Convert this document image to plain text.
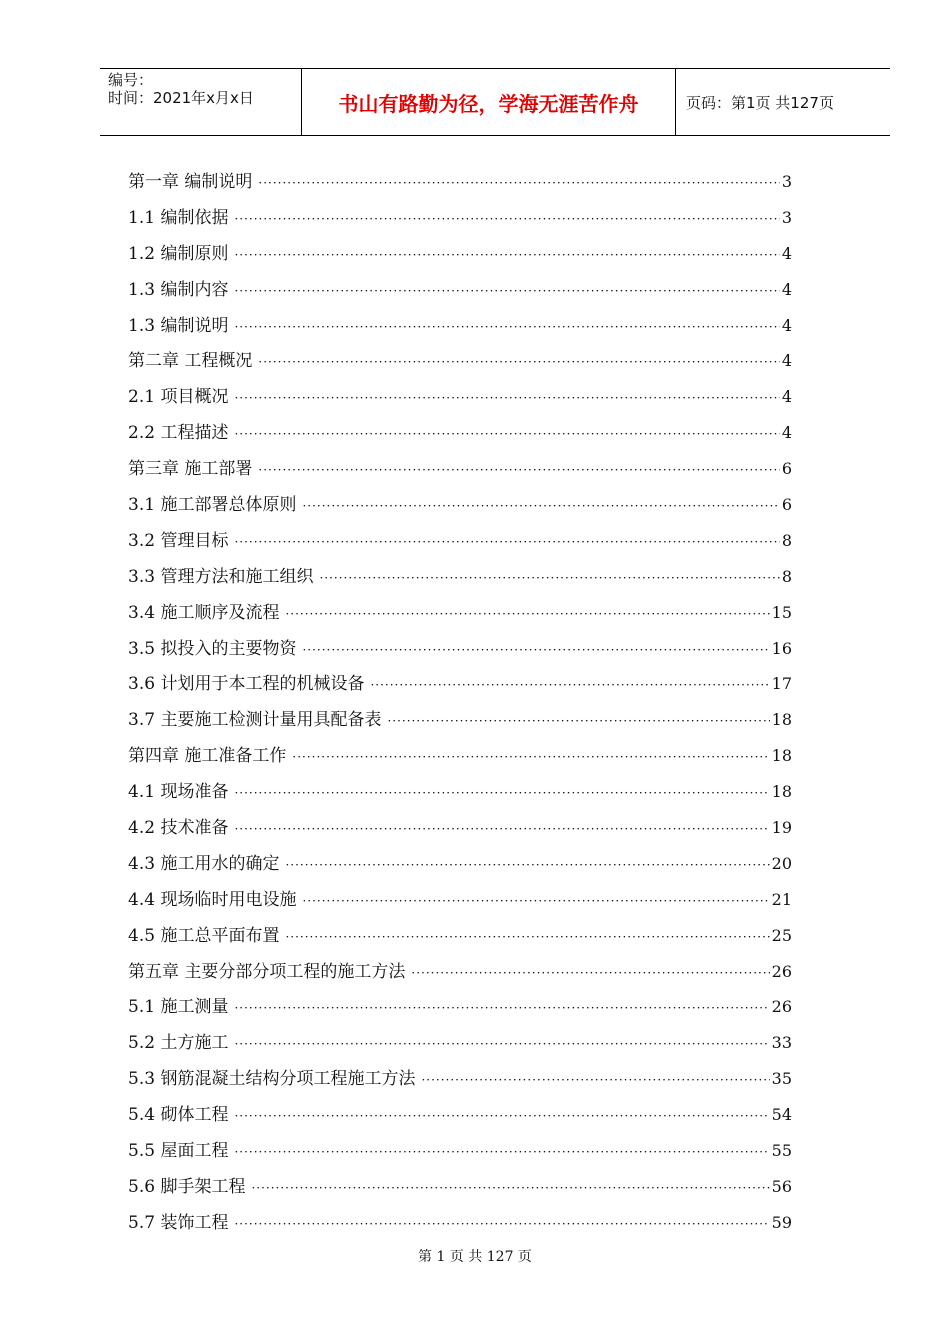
编号：
时间：2021年x月x日	书山有路勤为径，学海无涯苦作舟	页码：第1页 共127页
第一章 编制说明 ·····	3
1.1 编制依据 ·····	3
1.2 编制原则 ·····	4
1.3 编制内容 ·····	4
1.3 编制说明 ·····	4
第二章 工程概况 ·····	4
2.1 项目概况 ·····	4
2.2 工程描述 ·····	4
第三章 施工部署 ·····	6
3.1 施工部署总体原则 ·····	6
3.2 管理目标 ·····	8
3.3 管理方法和施工组织 ·····	8
3.4 施工顺序及流程 ·····	15
3.5 拟投入的主要物资 ·····	16
3.6 计划用于本工程的机械设备 ·····	17
3.7 主要施工检测计量用具配备表 ·····	18
第四章 施工准备工作 ·····	18
4.1 现场准备 ·····	18
4.2 技术准备 ·····	19
4.3 施工用水的确定 ·····	20
4.4 现场临时用电设施 ·····	21
4.5 施工总平面布置 ·····	25
第五章 主要分部分项工程的施工方法 ·····	26
5.1 施工测量 ·····	26
5.2 土方施工 ·····	33
5.3 钢筋混凝土结构分项工程施工方法 ·····	35
5.4 砌体工程 ·····	54
5.5 屋面工程 ·····	55
5.6 脚手架工程 ·····	56
5.7 装饰工程 ·····	59
第 1 页 共 127 页
